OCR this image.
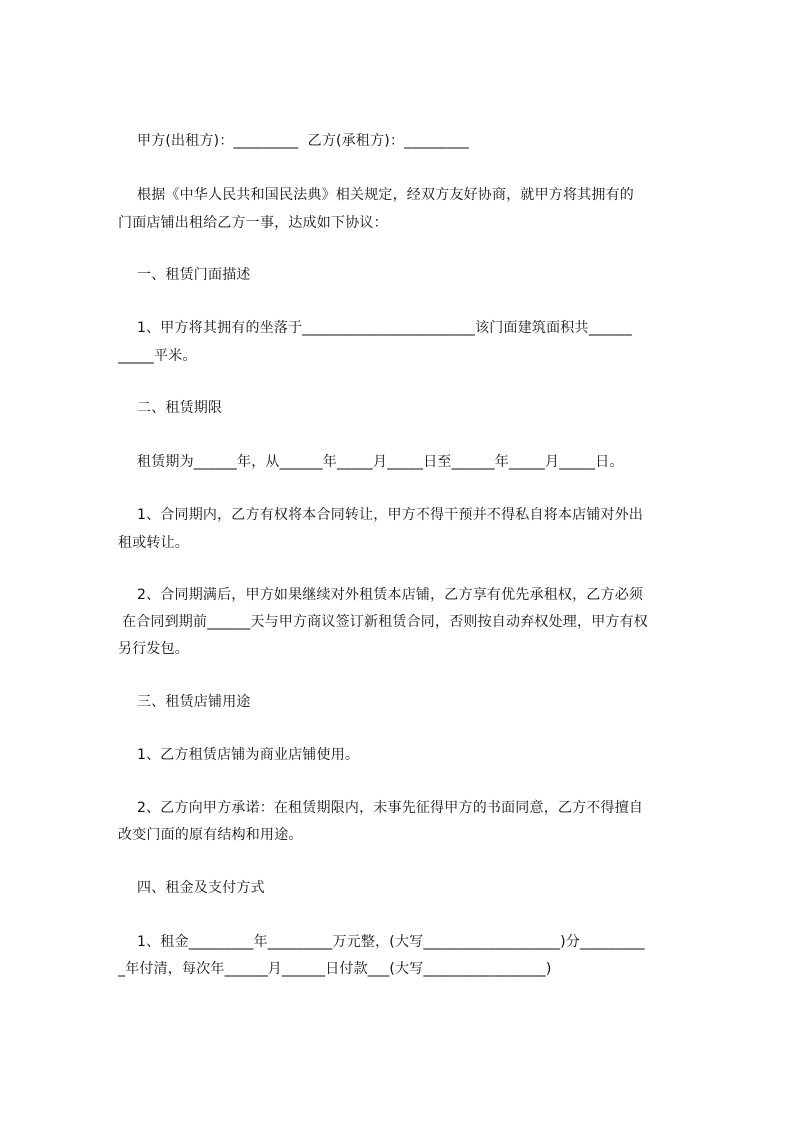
甲方(出租方)：_________  乙方(承租方)：_________

根据《中华人民共和国民法典》相关规定，经双方友好协商，就甲方将其拥有的

门面店铺出租给乙方一事，达成如下协议：

一、租赁门面描述

1、甲方将其拥有的坐落于________________________该门面建筑面积共______

_____平米。

二、租赁期限

租赁期为______年，从______年_____月_____日至______年_____月_____日。

1、合同期内，乙方有权将本合同转让，甲方不得干预并不得私自将本店铺对外出

租或转让。

2、合同期满后，甲方如果继续对外租赁本店铺，乙方享有优先承租权，乙方必须

在合同到期前______天与甲方商议签订新租赁合同，否则按自动弃权处理，甲方有权

另行发包。

三、租赁店铺用途

1、乙方租赁店铺为商业店铺使用。

2、乙方向甲方承诺：在租赁期限内，未事先征得甲方的书面同意，乙方不得擅自

改变门面的原有结构和用途。

四、租金及支付方式

1、租金_________年_________万元整，(大写___________________)分_________

_年付清，每次年______月______日付款___(大写_________________)
